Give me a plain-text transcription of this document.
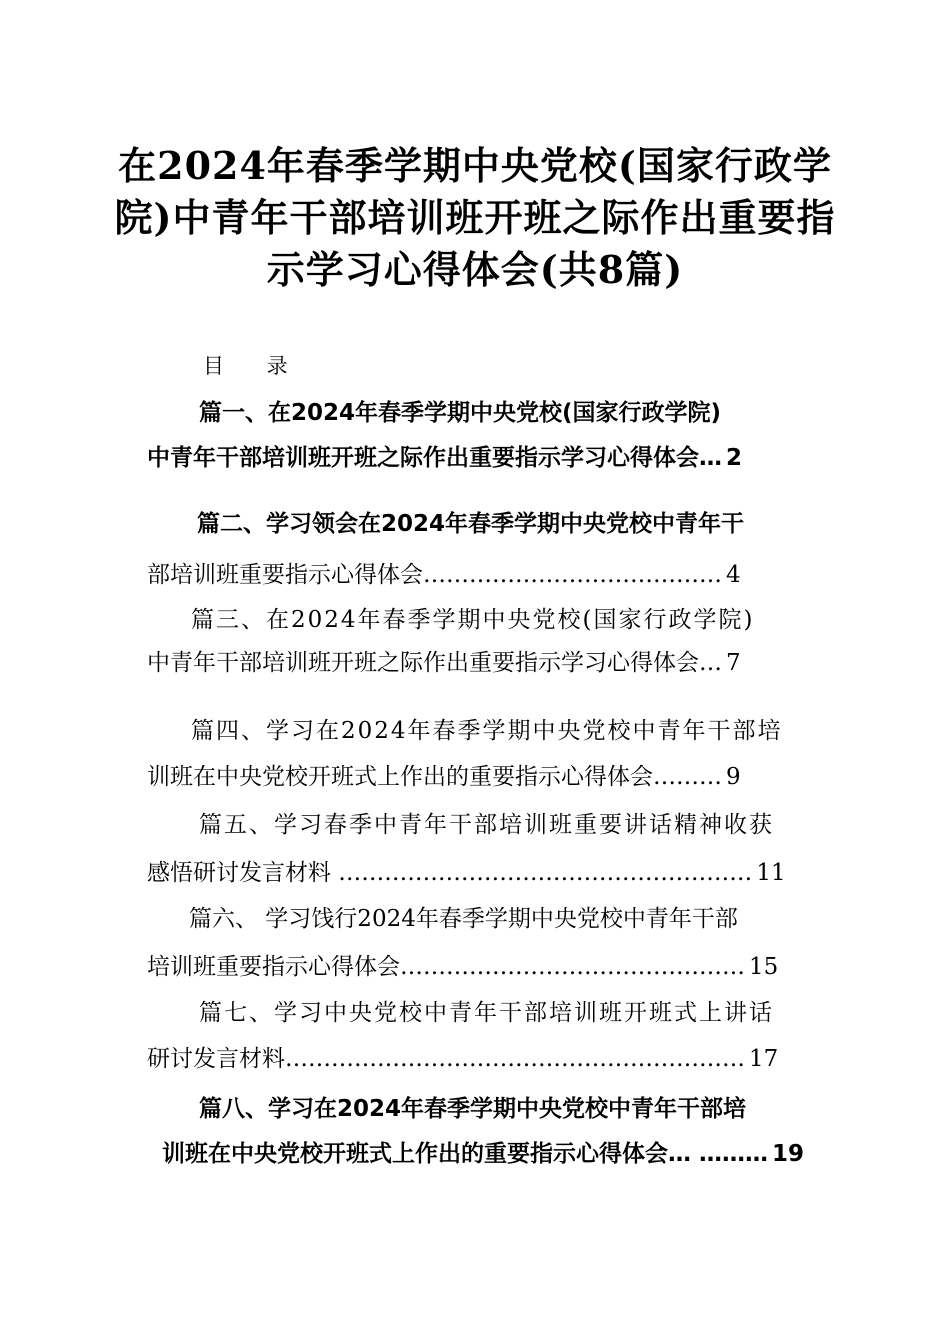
在2024年春季学期中央党校(国家行政学
院)中青年干部培训班开班之际作出重要指
示学习心得体会(共8篇)
目 录
篇一、在2024年春季学期中央党校(国家行政学院)
中青年干部培训班开班之际作出重要指示学习心得体会… 2
篇二、学习领会在2024年春季学期中央党校中青年干
部培训班重要指示心得体会………………………………… 4
篇三、在2024年春季学期中央党校(国家行政学院)
中青年干部培训班开班之际作出重要指示学习心得体会… 7
篇四、学习在2024年春季学期中央党校中青年干部培
训班在中央党校开班式上作出的重要指示心得体会……… 9
篇五、学习春季中青年干部培训班重要讲话精神收获
感悟研讨发言材料 ……………………………………………… 11
篇六、 学习饯行2024年春季学期中央党校中青年干部
培训班重要指示心得体会……………………………………… 15
篇七、学习中央党校中青年干部培训班开班式上讲话
研讨发言材料…………………………………………………… 17
篇八、学习在2024年春季学期中央党校中青年干部培
训班在中央党校开班式上作出的重要指示心得体会… ……… 19
